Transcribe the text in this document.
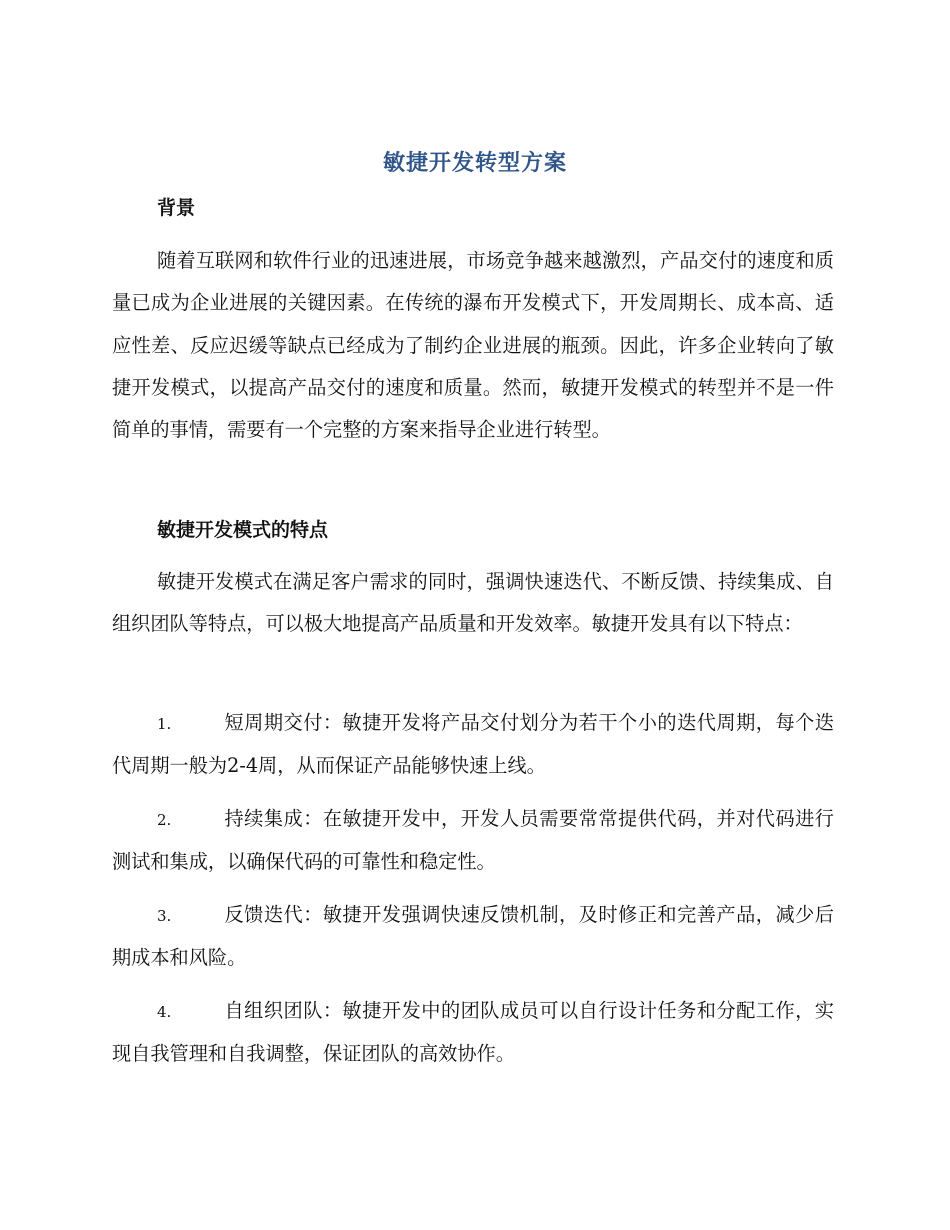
敏捷开发转型方案
背景

随着互联网和软件行业的迅速进展，市场竞争越来越激烈，产品交付的速度和质量已成为企业进展的关键因素。在传统的瀑布开发模式下，开发周期长、成本高、适应性差、反应迟缓等缺点已经成为了制约企业进展的瓶颈。因此，许多企业转向了敏捷开发模式，以提高产品交付的速度和质量。然而，敏捷开发模式的转型并不是一件简单的事情，需要有一个完整的方案来指导企业进行转型。

敏捷开发模式的特点

敏捷开发模式在满足客户需求的同时，强调快速迭代、不断反馈、持续集成、自组织团队等特点，可以极大地提高产品质量和开发效率。敏捷开发具有以下特点：

1.	短周期交付：敏捷开发将产品交付划分为若干个小的迭代周期，每个迭代周期一般为2-4周，从而保证产品能够快速上线。

2.	持续集成：在敏捷开发中，开发人员需要常常提供代码，并对代码进行测试和集成，以确保代码的可靠性和稳定性。

3.	反馈迭代：敏捷开发强调快速反馈机制，及时修正和完善产品，减少后期成本和风险。

4.	自组织团队：敏捷开发中的团队成员可以自行设计任务和分配工作，实现自我管理和自我调整，保证团队的高效协作。
